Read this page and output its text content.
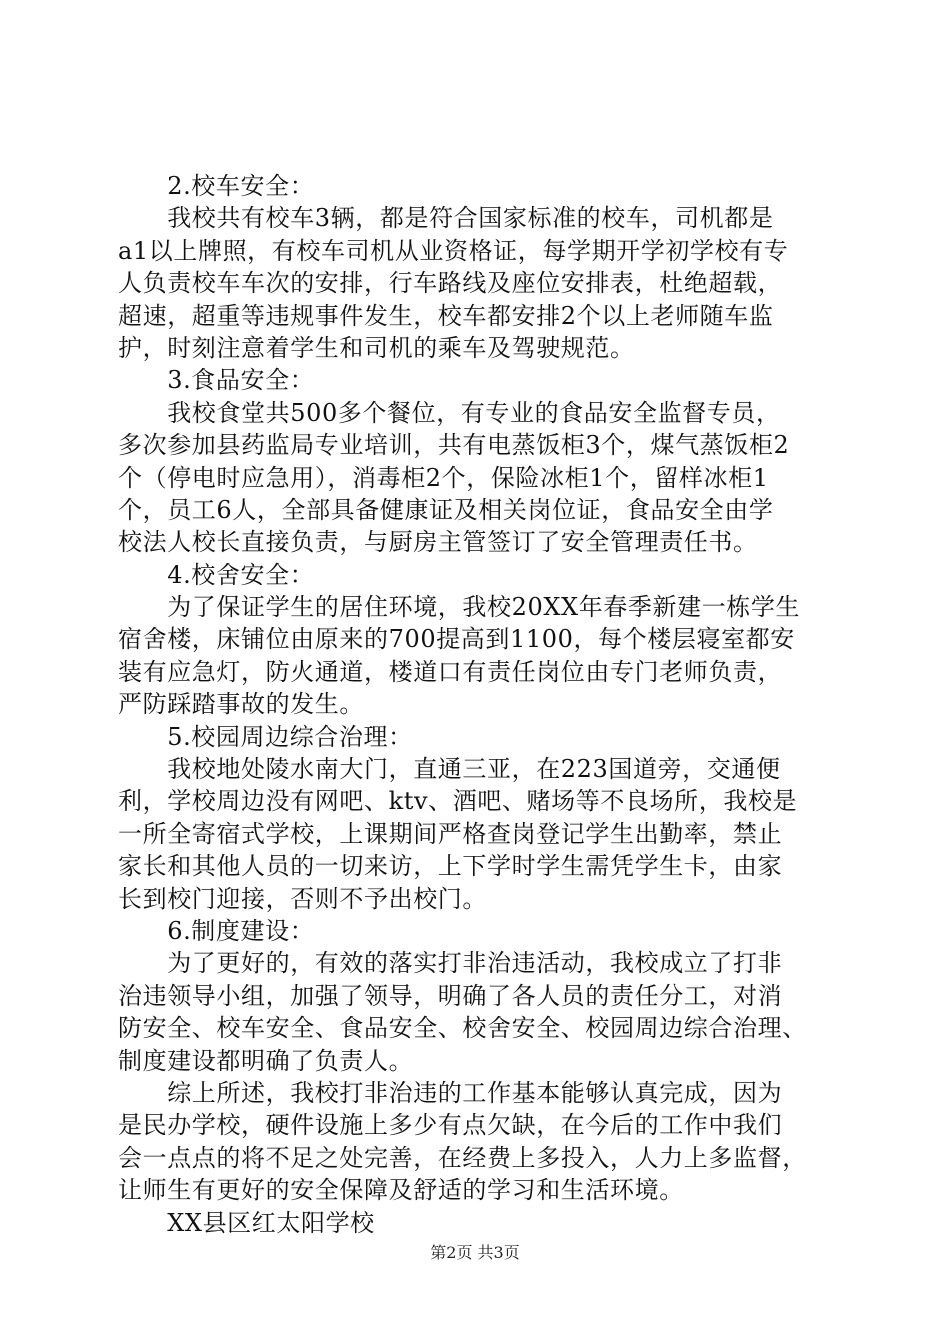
　　2.校车安全：
　　我校共有校车3辆，都是符合国家标准的校车，司机都是
a1以上牌照，有校车司机从业资格证，每学期开学初学校有专
人负责校车车次的安排，行车路线及座位安排表，杜绝超载，
超速，超重等违规事件发生，校车都安排2个以上老师随车监
护，时刻注意着学生和司机的乘车及驾驶规范。
　　3.食品安全：
　　我校食堂共500多个餐位，有专业的食品安全监督专员，
多次参加县药监局专业培训，共有电蒸饭柜3个，煤气蒸饭柜2
个（停电时应急用），消毒柜2个，保险冰柜1个，留样冰柜1
个，员工6人，全部具备健康证及相关岗位证，食品安全由学
校法人校长直接负责，与厨房主管签订了安全管理责任书。
　　4.校舍安全：
　　为了保证学生的居住环境，我校20XX年春季新建一栋学生
宿舍楼，床铺位由原来的700提高到1100，每个楼层寝室都安
装有应急灯，防火通道，楼道口有责任岗位由专门老师负责，
严防踩踏事故的发生。
　　5.校园周边综合治理：
　　我校地处陵水南大门，直通三亚，在223国道旁，交通便
利，学校周边没有网吧、ktv、酒吧、赌场等不良场所，我校是
一所全寄宿式学校，上课期间严格查岗登记学生出勤率，禁止
家长和其他人员的一切来访，上下学时学生需凭学生卡，由家
长到校门迎接，否则不予出校门。
　　6.制度建设：
　　为了更好的，有效的落实打非治违活动，我校成立了打非
治违领导小组，加强了领导，明确了各人员的责任分工，对消
防安全、校车安全、食品安全、校舍安全、校园周边综合治理、
制度建设都明确了负责人。
　　综上所述，我校打非治违的工作基本能够认真完成，因为
是民办学校，硬件设施上多少有点欠缺，在今后的工作中我们
会一点点的将不足之处完善，在经费上多投入，人力上多监督，
让师生有更好的安全保障及舒适的学习和生活环境。
　　XX县区红太阳学校
第2页 共3页
